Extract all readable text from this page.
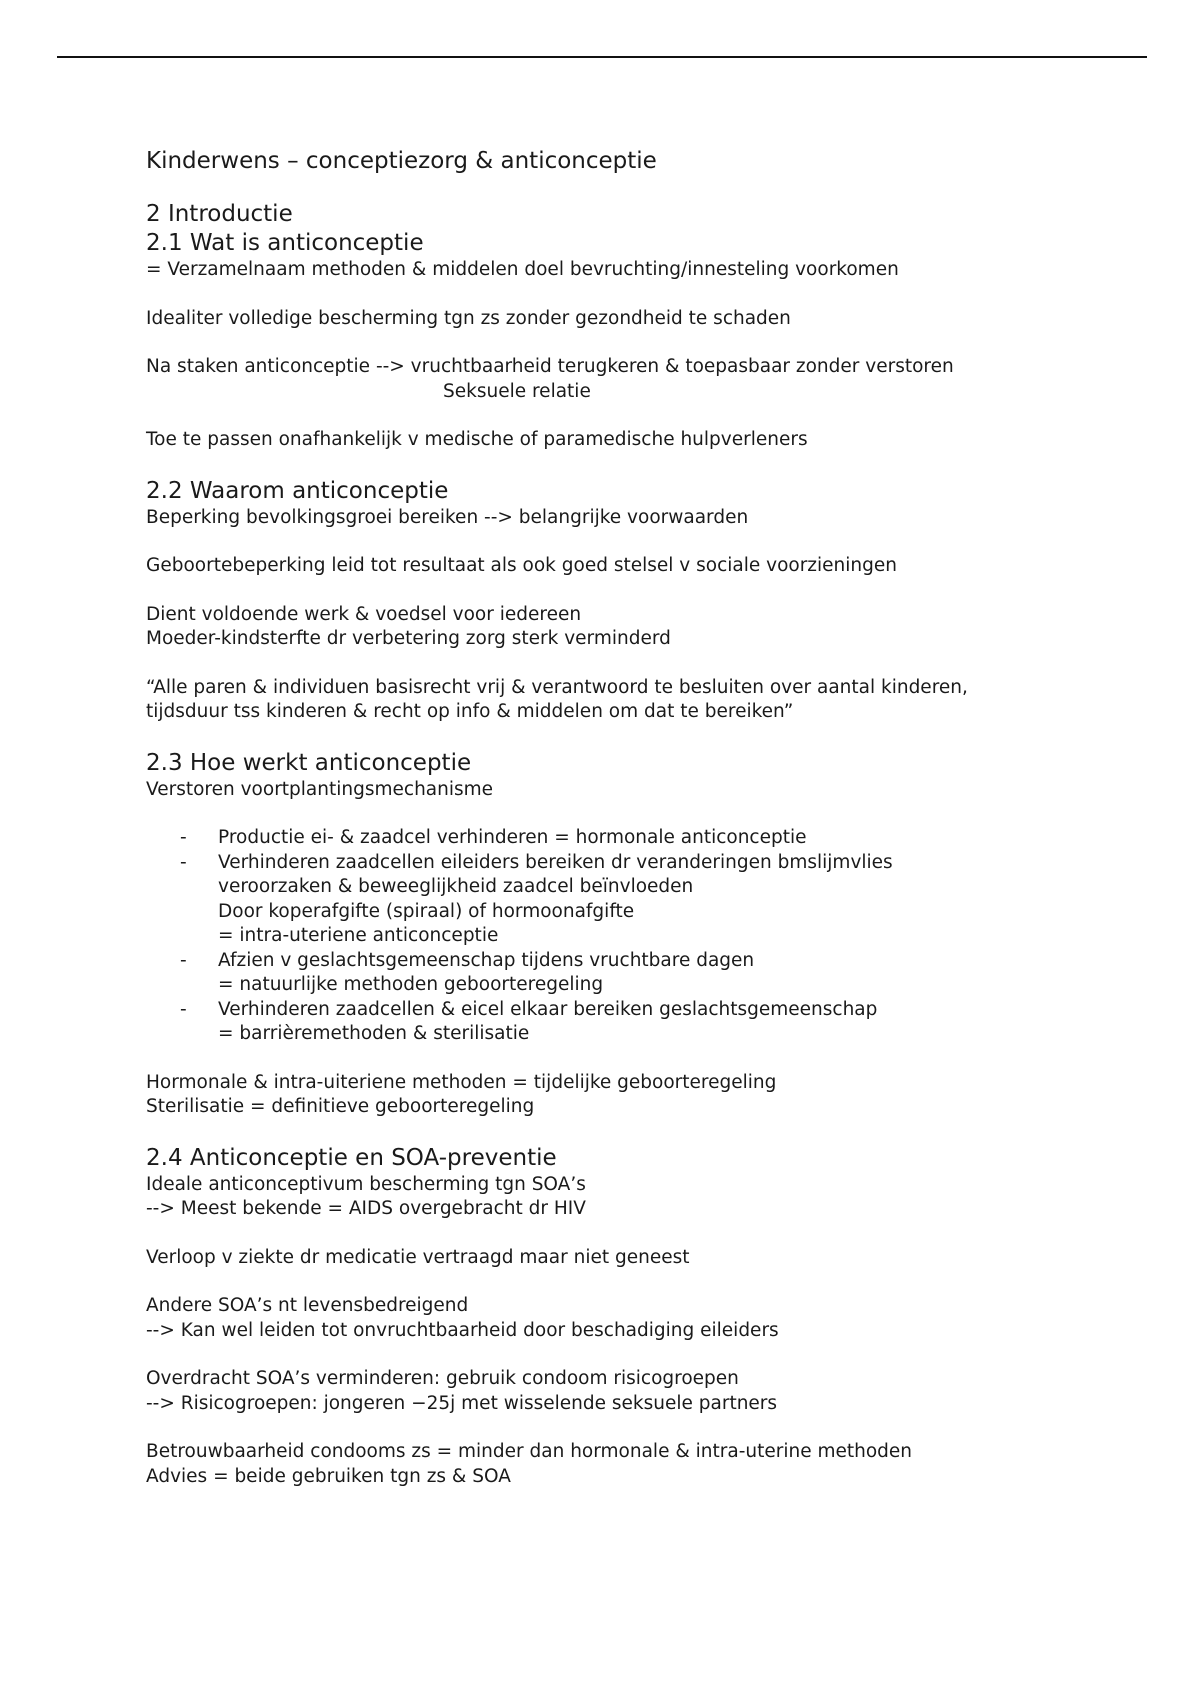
Kinderwens – conceptiezorg & anticonceptie
2 Introductie
2.1 Wat is anticonceptie
= Verzamelnaam methoden & middelen doel bevruchting/innesteling voorkomen
Idealiter volledige bescherming tgn zs zonder gezondheid te schaden
Na staken anticonceptie --> vruchtbaarheid terugkeren & toepasbaar zonder verstoren
Seksuele relatie
Toe te passen onafhankelijk v medische of paramedische hulpverleners
2.2 Waarom anticonceptie
Beperking bevolkingsgroei bereiken --> belangrijke voorwaarden
Geboortebeperking leid tot resultaat als ook goed stelsel v sociale voorzieningen
Dient voldoende werk & voedsel voor iedereen
Moeder-kindsterfte dr verbetering zorg sterk verminderd
“Alle paren & individuen basisrecht vrij & verantwoord te besluiten over aantal kinderen,
tijdsduur tss kinderen & recht op info & middelen om dat te bereiken”
2.3 Hoe werkt anticonceptie
Verstoren voortplantingsmechanisme
- Productie ei- & zaadcel verhinderen = hormonale anticonceptie
- Verhinderen zaadcellen eileiders bereiken dr veranderingen bmslijmvlies
veroorzaken & beweeglijkheid zaadcel beïnvloeden
Door koperafgifte (spiraal) of hormoonafgifte
= intra-uteriene anticonceptie
- Afzien v geslachtsgemeenschap tijdens vruchtbare dagen
= natuurlijke methoden geboorteregeling
- Verhinderen zaadcellen & eicel elkaar bereiken geslachtsgemeenschap
= barrièremethoden & sterilisatie
Hormonale & intra-uiteriene methoden = tijdelijke geboorteregeling
Sterilisatie = definitieve geboorteregeling
2.4 Anticonceptie en SOA-preventie
Ideale anticonceptivum bescherming tgn SOA’s
--> Meest bekende = AIDS overgebracht dr HIV
Verloop v ziekte dr medicatie vertraagd maar niet geneest
Andere SOA’s nt levensbedreigend
--> Kan wel leiden tot onvruchtbaarheid door beschadiging eileiders
Overdracht SOA’s verminderen: gebruik condoom risicogroepen
--> Risicogroepen: jongeren −25j met wisselende seksuele partners
Betrouwbaarheid condooms zs = minder dan hormonale & intra-uterine methoden
Advies = beide gebruiken tgn zs & SOA
